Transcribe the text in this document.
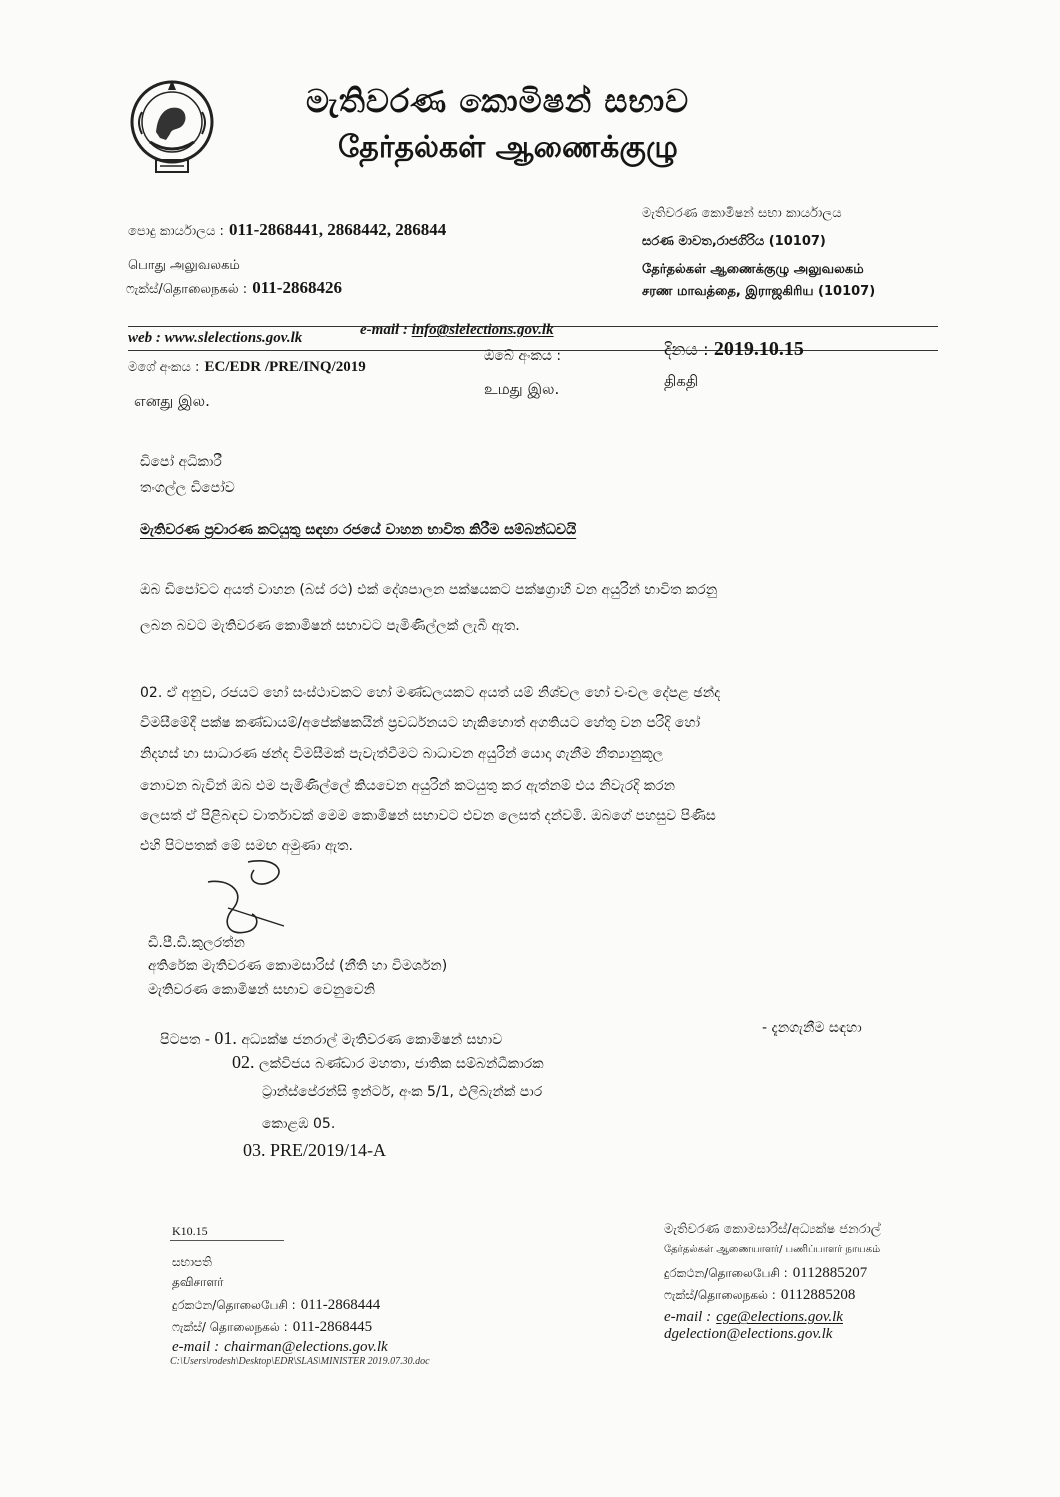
මැතිවරණ කොමිෂන් සභාව
தேர்தல்கள் ஆணைக்குழு
පොදු කාර්යාලය : 011-2868441, 2868442, 286844
பொது அலுவலகம்
ෆැක්ස්/தொலைநகல் : 011-2868426
මැතිවරණ කොමිෂන් සභා කාර්යාලය
සරණ මාවත,රාජගිරිය (10107)
தேர்தல்கள் ஆணைக்குழு அலுவலகம்
சரண மாவத்தை, இராஜகிரிய (10107)
web : www.slelections.gov.lk	e-mail : info@slelections.gov.lk
මගේ අංකය : EC/EDR /PRE/INQ/2019
எனது இல.
ඔබේ අංකය :
உமது இல.
දිනය : 2019.10.15
திகதி
ඩිපෝ අධිකාරී
තංගල්ල ඩිපෝව
මැතිවරණ ප්‍රචාරණ කටයුතු සඳහා රජයේ වාහන භාවිත කිරීම සම්බන්ධවයි
ඔබ ඩිපෝවට අයත් වාහන (බස් රථ) එක් දේශපාලන පක්ෂයකට පක්ෂග්‍රාහී වන අයුරින් භාවිත කරනු
ලබන බවට මැතිවරණ කොමිෂන් සභාවට පැමිණිල්ලක් ලැබී ඇත.
02. ඒ අනුව, රජයට හෝ සංස්ථාවකට හෝ මණ්ඩලයකට අයත් යම් නිශ්චල හෝ චංචල දේපළ ඡන්ද
විමසීමේදී පක්ෂ කණ්ඩායම්/අපේක්ෂකයින් ප්‍රවර්ධනයට හැකිහොත් අගතියට හේතු වන පරිදි හෝ
නිදහස් හා සාධාරණ ඡන්ද විමසීමක් පැවැත්වීමට බාධාවන අයුරින් යොදා ගැනීම නීත්‍යානුකූල
නොවන බැවින් ඔබ එම පැමිණිල්ලේ කියවෙන අයුරින් කටයුතු කර ඇත්නම් එය නිවැරදි කරන
ලෙසත් ඒ පිළිබඳව වාර්තාවක් මෙම කොමිෂන් සභාවට එවන ලෙසත් දන්වමි. ඔබගේ පහසුව පිණිස
එහි පිටපතක් මේ සමඟ අමුණා ඇත.
ඩී.පී.ඩී.කුලරත්න
අතිරේක මැතිවරණ කොමසාරිස් (නීති හා විමර්ශන)
මැතිවරණ කොමිෂන් සභාව වෙනුවෙනි
පිටපත - 01. අධ්‍යක්ෂ ජනරාල් මැතිවරණ කොමිෂන් සභාව
- දැනගැනීම සඳහා
02. ලක්විජය බණ්ඩාර මහතා, ජාතික සම්බන්ධීකාරක
ට්‍රාන්ස්පේරන්සි ඉන්ටර්, අංක 5/1, ඵලිබැන්ක් පාර
කොළඹ 05.
03. PRE/2019/14-A
K10.15
සභාපති
தவிசாளர்
දුරකථන/தொலைபேசி : 011-2868444
ෆැක්ස්/ தொலைநகல் : 011-2868445
e-mail : chairman@elections.gov.lk
C:\Users\rodesh\Desktop\EDR\SLAS\MINISTER 2019.07.30.doc
මැතිවරණ කොමසාරිස්/අධ්‍යක්ෂ ජනරාල්
தேர்தல்கள் ஆணையாளர்/ பணிப்பாளர் நாயகம்
දුරකථන/தொலைபேசி : 0112885207
ෆැක්ස්/தொலைநகல் : 0112885208
e-mail : cge@elections.gov.lk
dgelection@elections.gov.lk
